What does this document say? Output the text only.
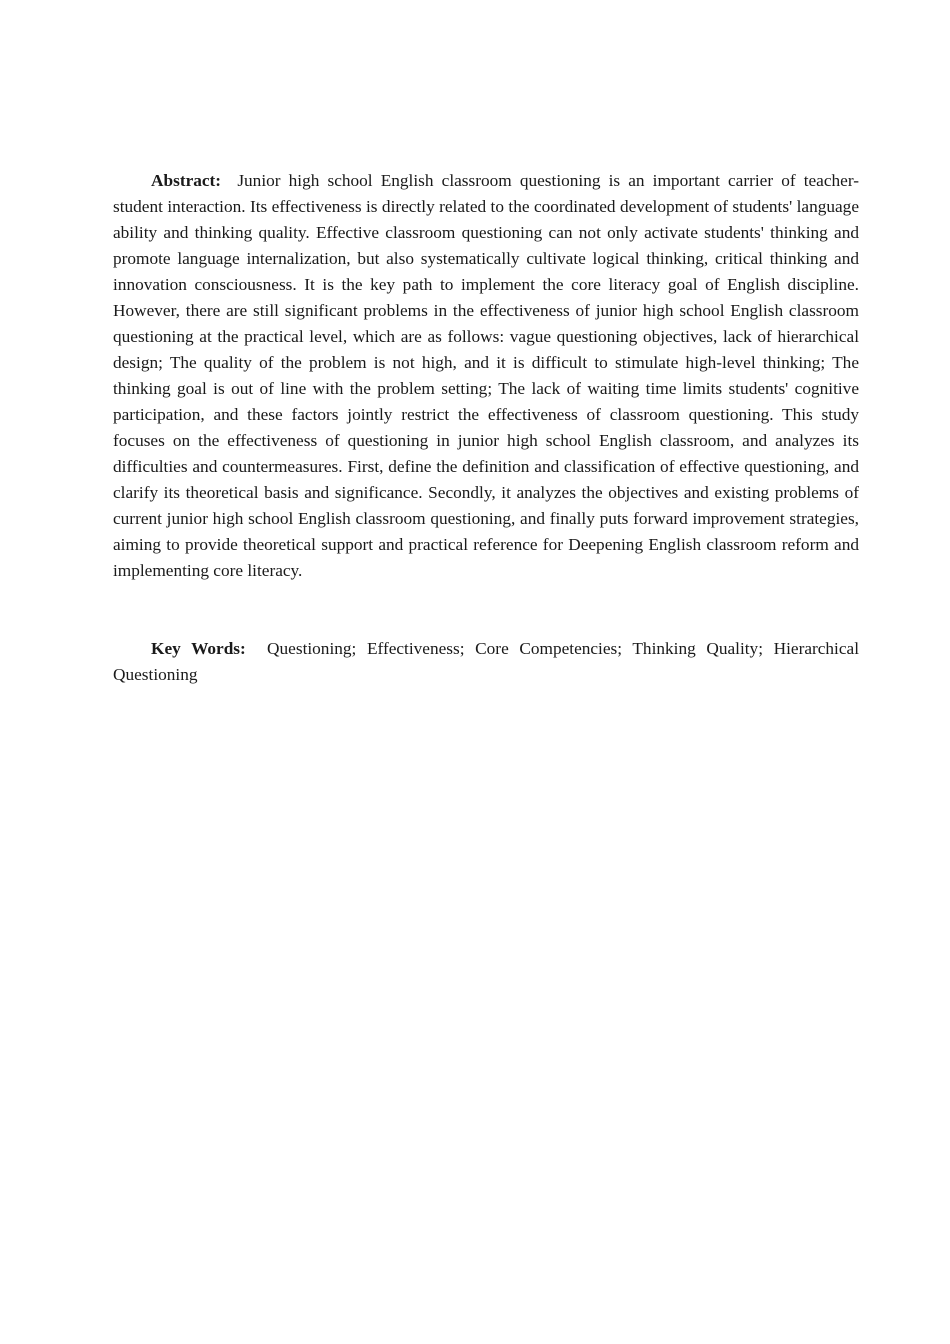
Abstract: Junior high school English classroom questioning is an important carrier of teacher-student interaction. Its effectiveness is directly related to the coordinated development of students' language ability and thinking quality. Effective classroom questioning can not only activate students' thinking and promote language internalization, but also systematically cultivate logical thinking, critical thinking and innovation consciousness. It is the key path to implement the core literacy goal of English discipline. However, there are still significant problems in the effectiveness of junior high school English classroom questioning at the practical level, which are as follows: vague questioning objectives, lack of hierarchical design; The quality of the problem is not high, and it is difficult to stimulate high-level thinking; The thinking goal is out of line with the problem setting; The lack of waiting time limits students' cognitive participation, and these factors jointly restrict the effectiveness of classroom questioning. This study focuses on the effectiveness of questioning in junior high school English classroom, and analyzes its difficulties and countermeasures. First, define the definition and classification of effective questioning, and clarify its theoretical basis and significance. Secondly, it analyzes the objectives and existing problems of current junior high school English classroom questioning, and finally puts forward improvement strategies, aiming to provide theoretical support and practical reference for Deepening English classroom reform and implementing core literacy.

Key Words: Questioning; Effectiveness; Core Competencies; Thinking Quality; Hierarchical Questioning
